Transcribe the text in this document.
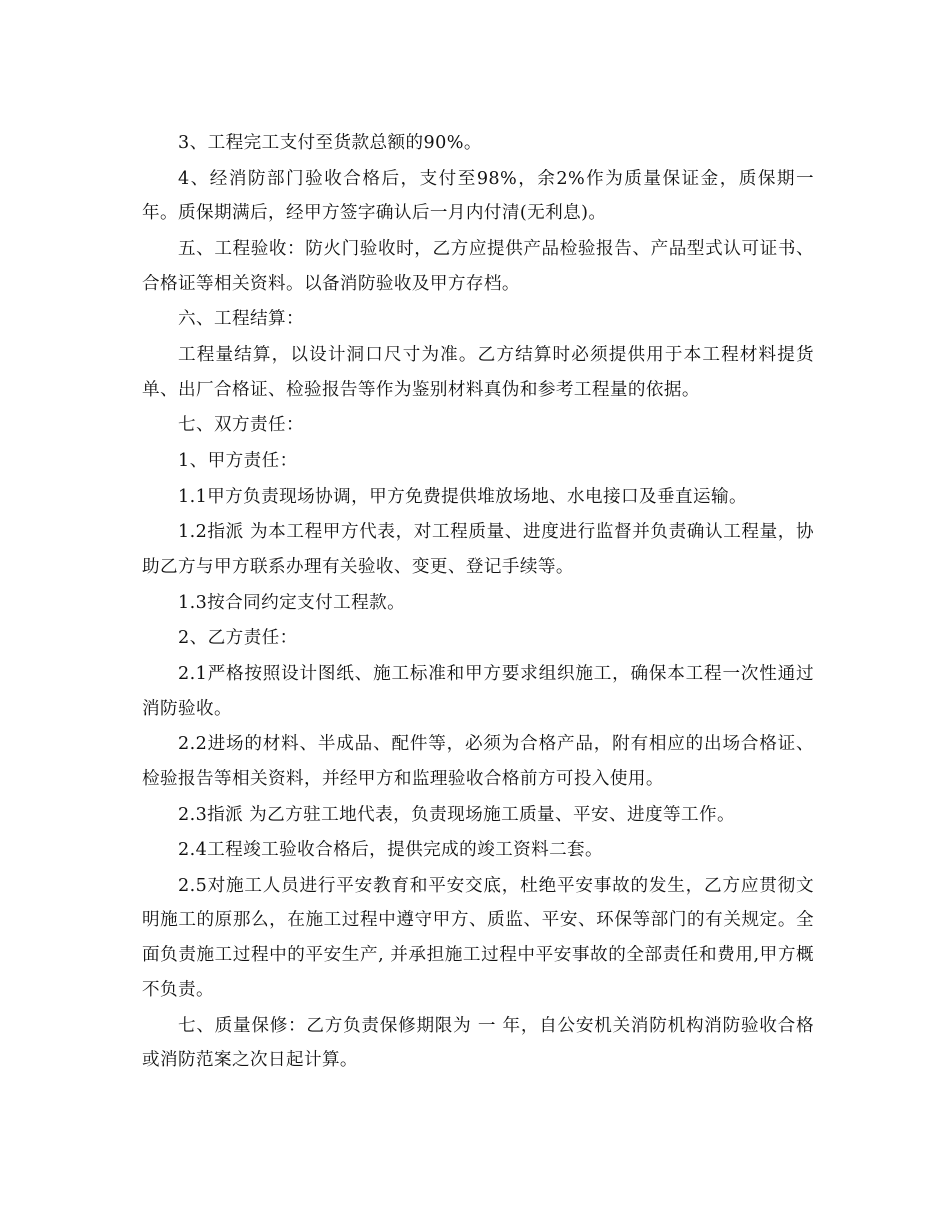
3、工程完工支付至货款总额的90%。

4、经消防部门验收合格后，支付至98%，余2%作为质量保证金，质保期一年。质保期满后，经甲方签字确认后一月内付清(无利息)。

五、工程验收：防火门验收时，乙方应提供产品检验报告、产品型式认可证书、合格证等相关资料。以备消防验收及甲方存档。

六、工程结算：

工程量结算，以设计洞口尺寸为准。乙方结算时必须提供用于本工程材料提货单、出厂合格证、检验报告等作为鉴别材料真伪和参考工程量的依据。

七、双方责任：

1、甲方责任：

1.1甲方负责现场协调，甲方免费提供堆放场地、水电接口及垂直运输。

1.2指派 为本工程甲方代表，对工程质量、进度进行监督并负责确认工程量，协助乙方与甲方联系办理有关验收、变更、登记手续等。

1.3按合同约定支付工程款。

2、乙方责任：

2.1严格按照设计图纸、施工标准和甲方要求组织施工，确保本工程一次性通过消防验收。

2.2进场的材料、半成品、配件等，必须为合格产品，附有相应的出场合格证、检验报告等相关资料，并经甲方和监理验收合格前方可投入使用。

2.3指派 为乙方驻工地代表，负责现场施工质量、平安、进度等工作。

2.4工程竣工验收合格后，提供完成的竣工资料二套。

2.5对施工人员进行平安教育和平安交底，杜绝平安事故的发生，乙方应贯彻文明施工的原那么，在施工过程中遵守甲方、质监、平安、环保等部门的有关规定。全面负责施工过程中的平安生产, 并承担施工过程中平安事故的全部责任和费用,甲方概不负责。

七、质量保修：乙方负责保修期限为 一 年，自公安机关消防机构消防验收合格或消防范案之次日起计算。
